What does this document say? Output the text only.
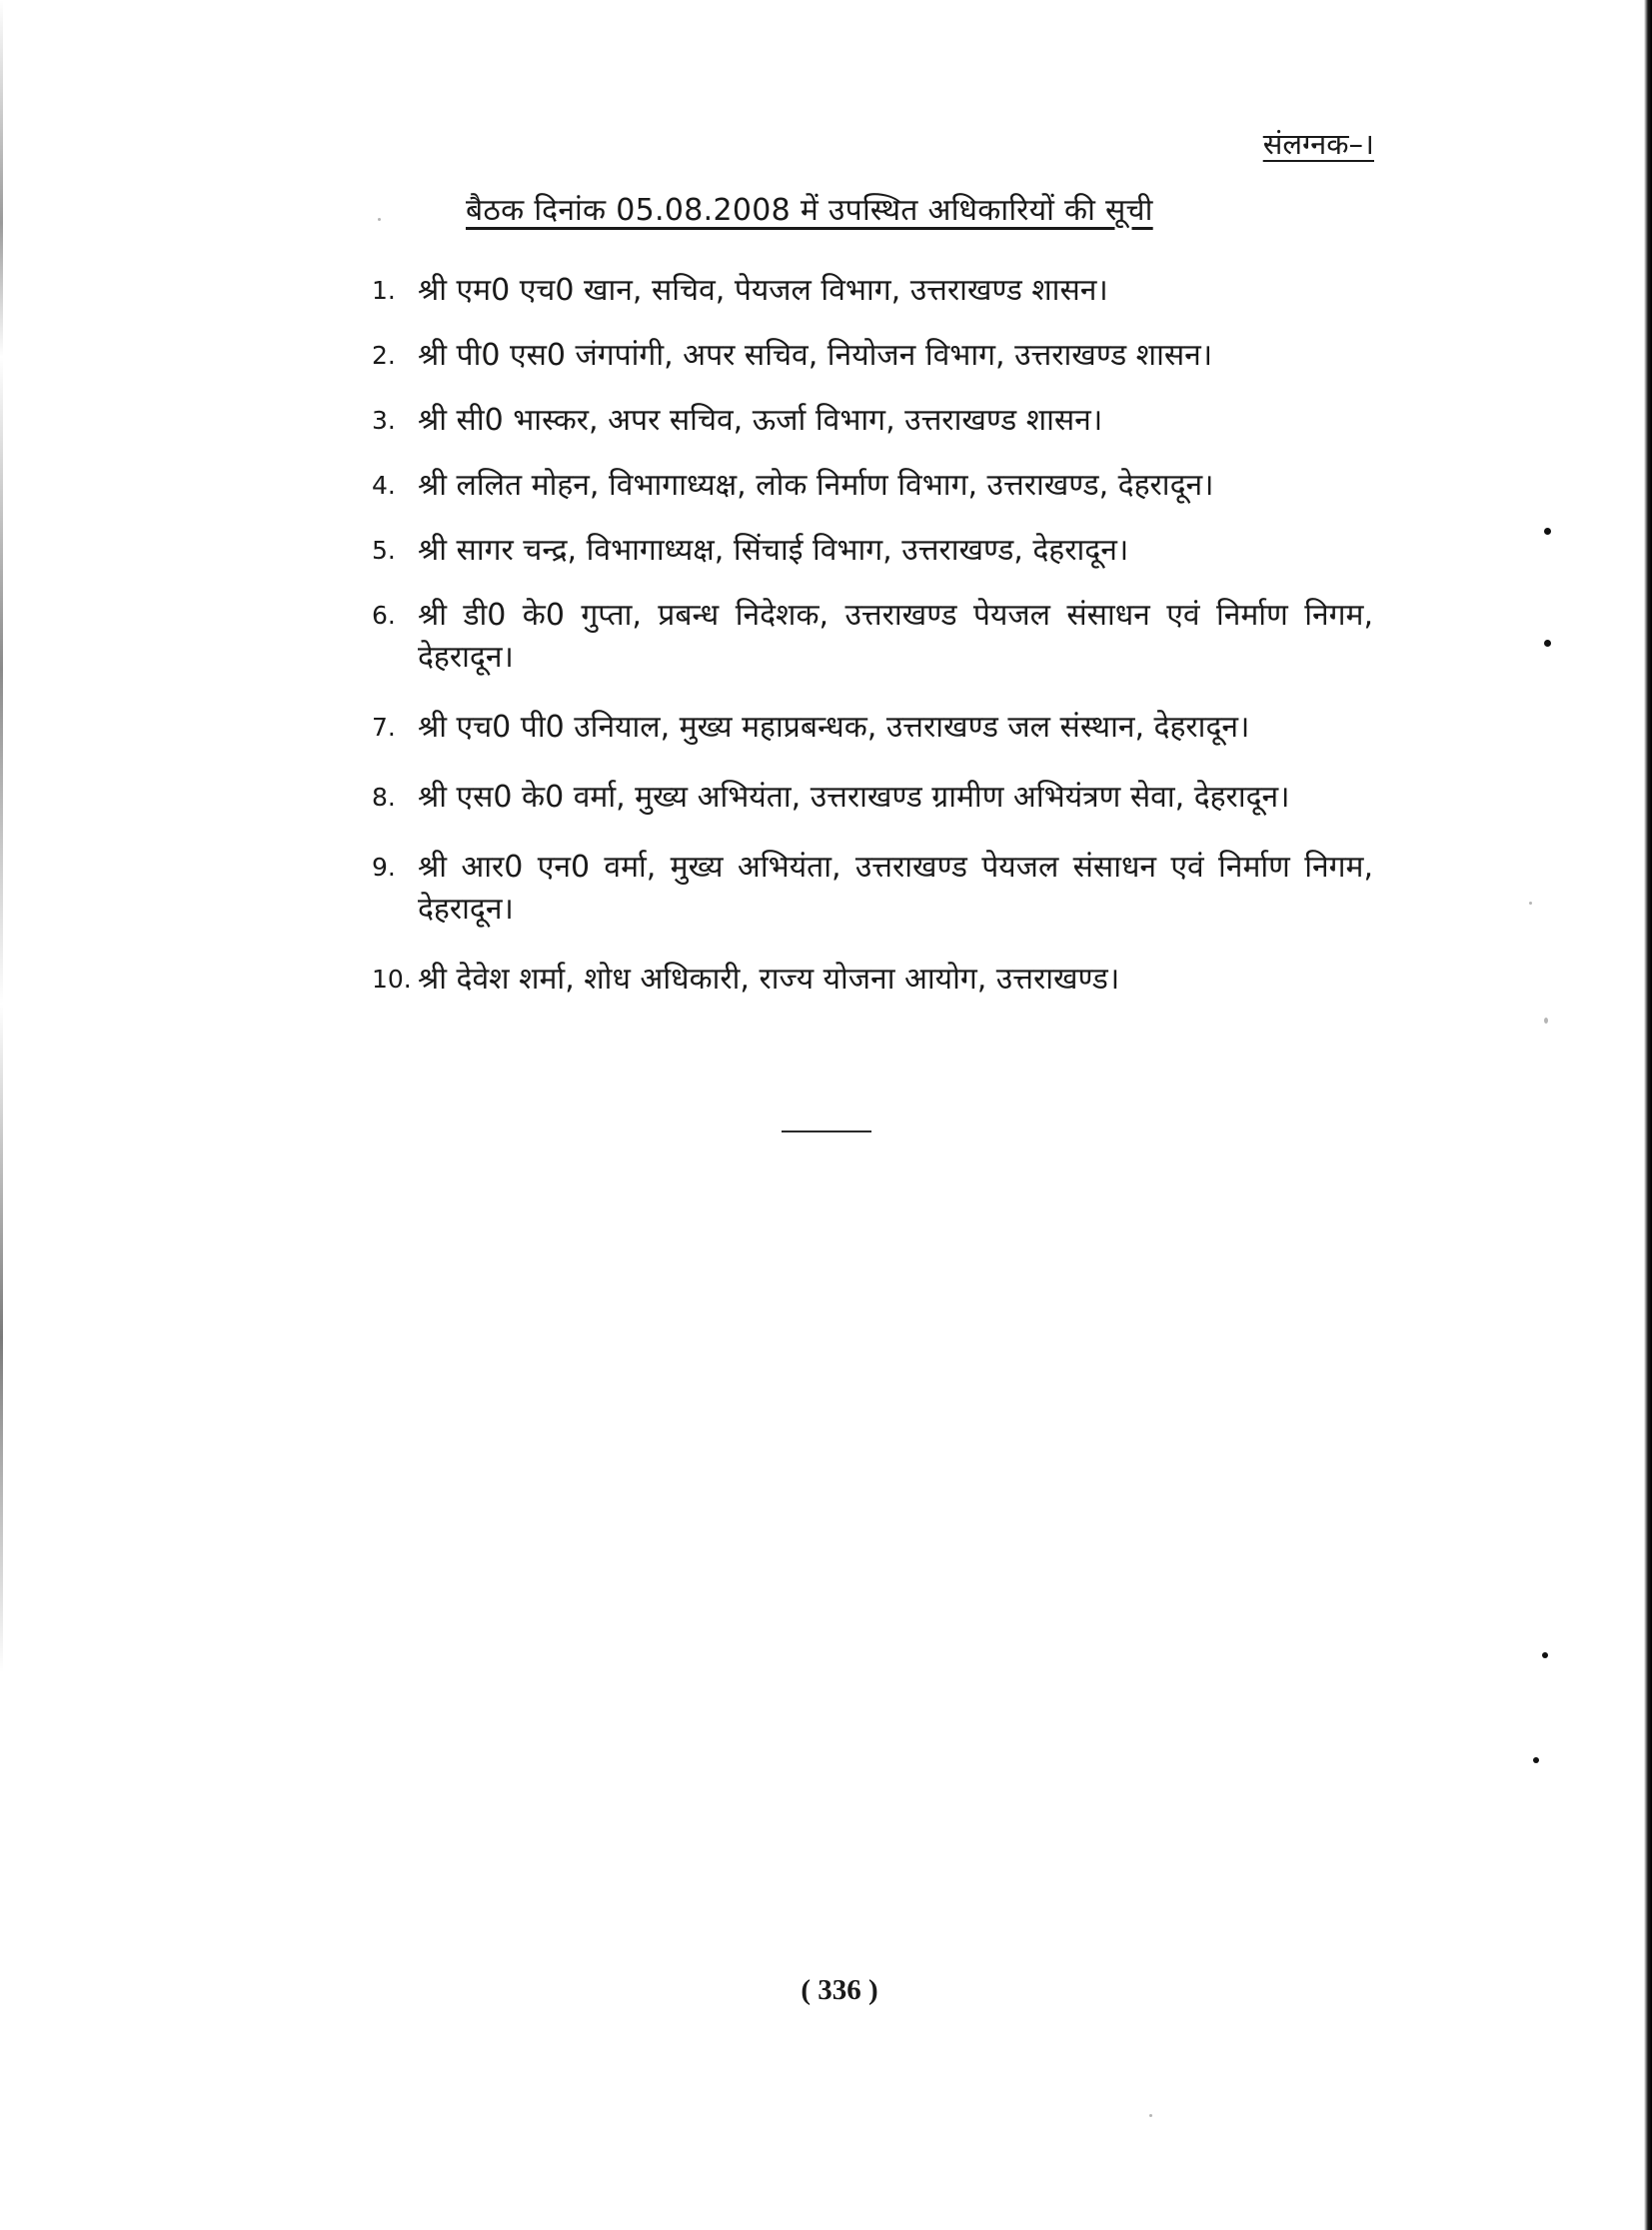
संलग्नक–।
बैठक दिनांक 05.08.2008 में उपस्थित अधिकारियों की सूची
1. श्री एम0 एच0 खान, सचिव, पेयजल विभाग, उत्तराखण्ड शासन।
2. श्री पी0 एस0 जंगपांगी, अपर सचिव, नियोजन विभाग, उत्तराखण्ड शासन।
3. श्री सी0 भास्कर, अपर सचिव, ऊर्जा विभाग, उत्तराखण्ड शासन।
4. श्री ललित मोहन, विभागाध्यक्ष, लोक निर्माण विभाग, उत्तराखण्ड, देहरादून।
5. श्री सागर चन्द्र, विभागाध्यक्ष, सिंचाई विभाग, उत्तराखण्ड, देहरादून।
6. श्री डी0 के0 गुप्ता, प्रबन्ध निदेशक, उत्तराखण्ड पेयजल संसाधन एवं निर्माण निगम, देहरादून।
7. श्री एच0 पी0 उनियाल, मुख्य महाप्रबन्धक, उत्तराखण्ड जल संस्थान, देहरादून।
8. श्री एस0 के0 वर्मा, मुख्य अभियंता, उत्तराखण्ड ग्रामीण अभियंत्रण सेवा, देहरादून।
9. श्री आर0 एन0 वर्मा, मुख्य अभियंता, उत्तराखण्ड पेयजल संसाधन एवं निर्माण निगम, देहरादून।
10. श्री देवेश शर्मा, शोध अधिकारी, राज्य योजना आयोग, उत्तराखण्ड।
( 336 )
